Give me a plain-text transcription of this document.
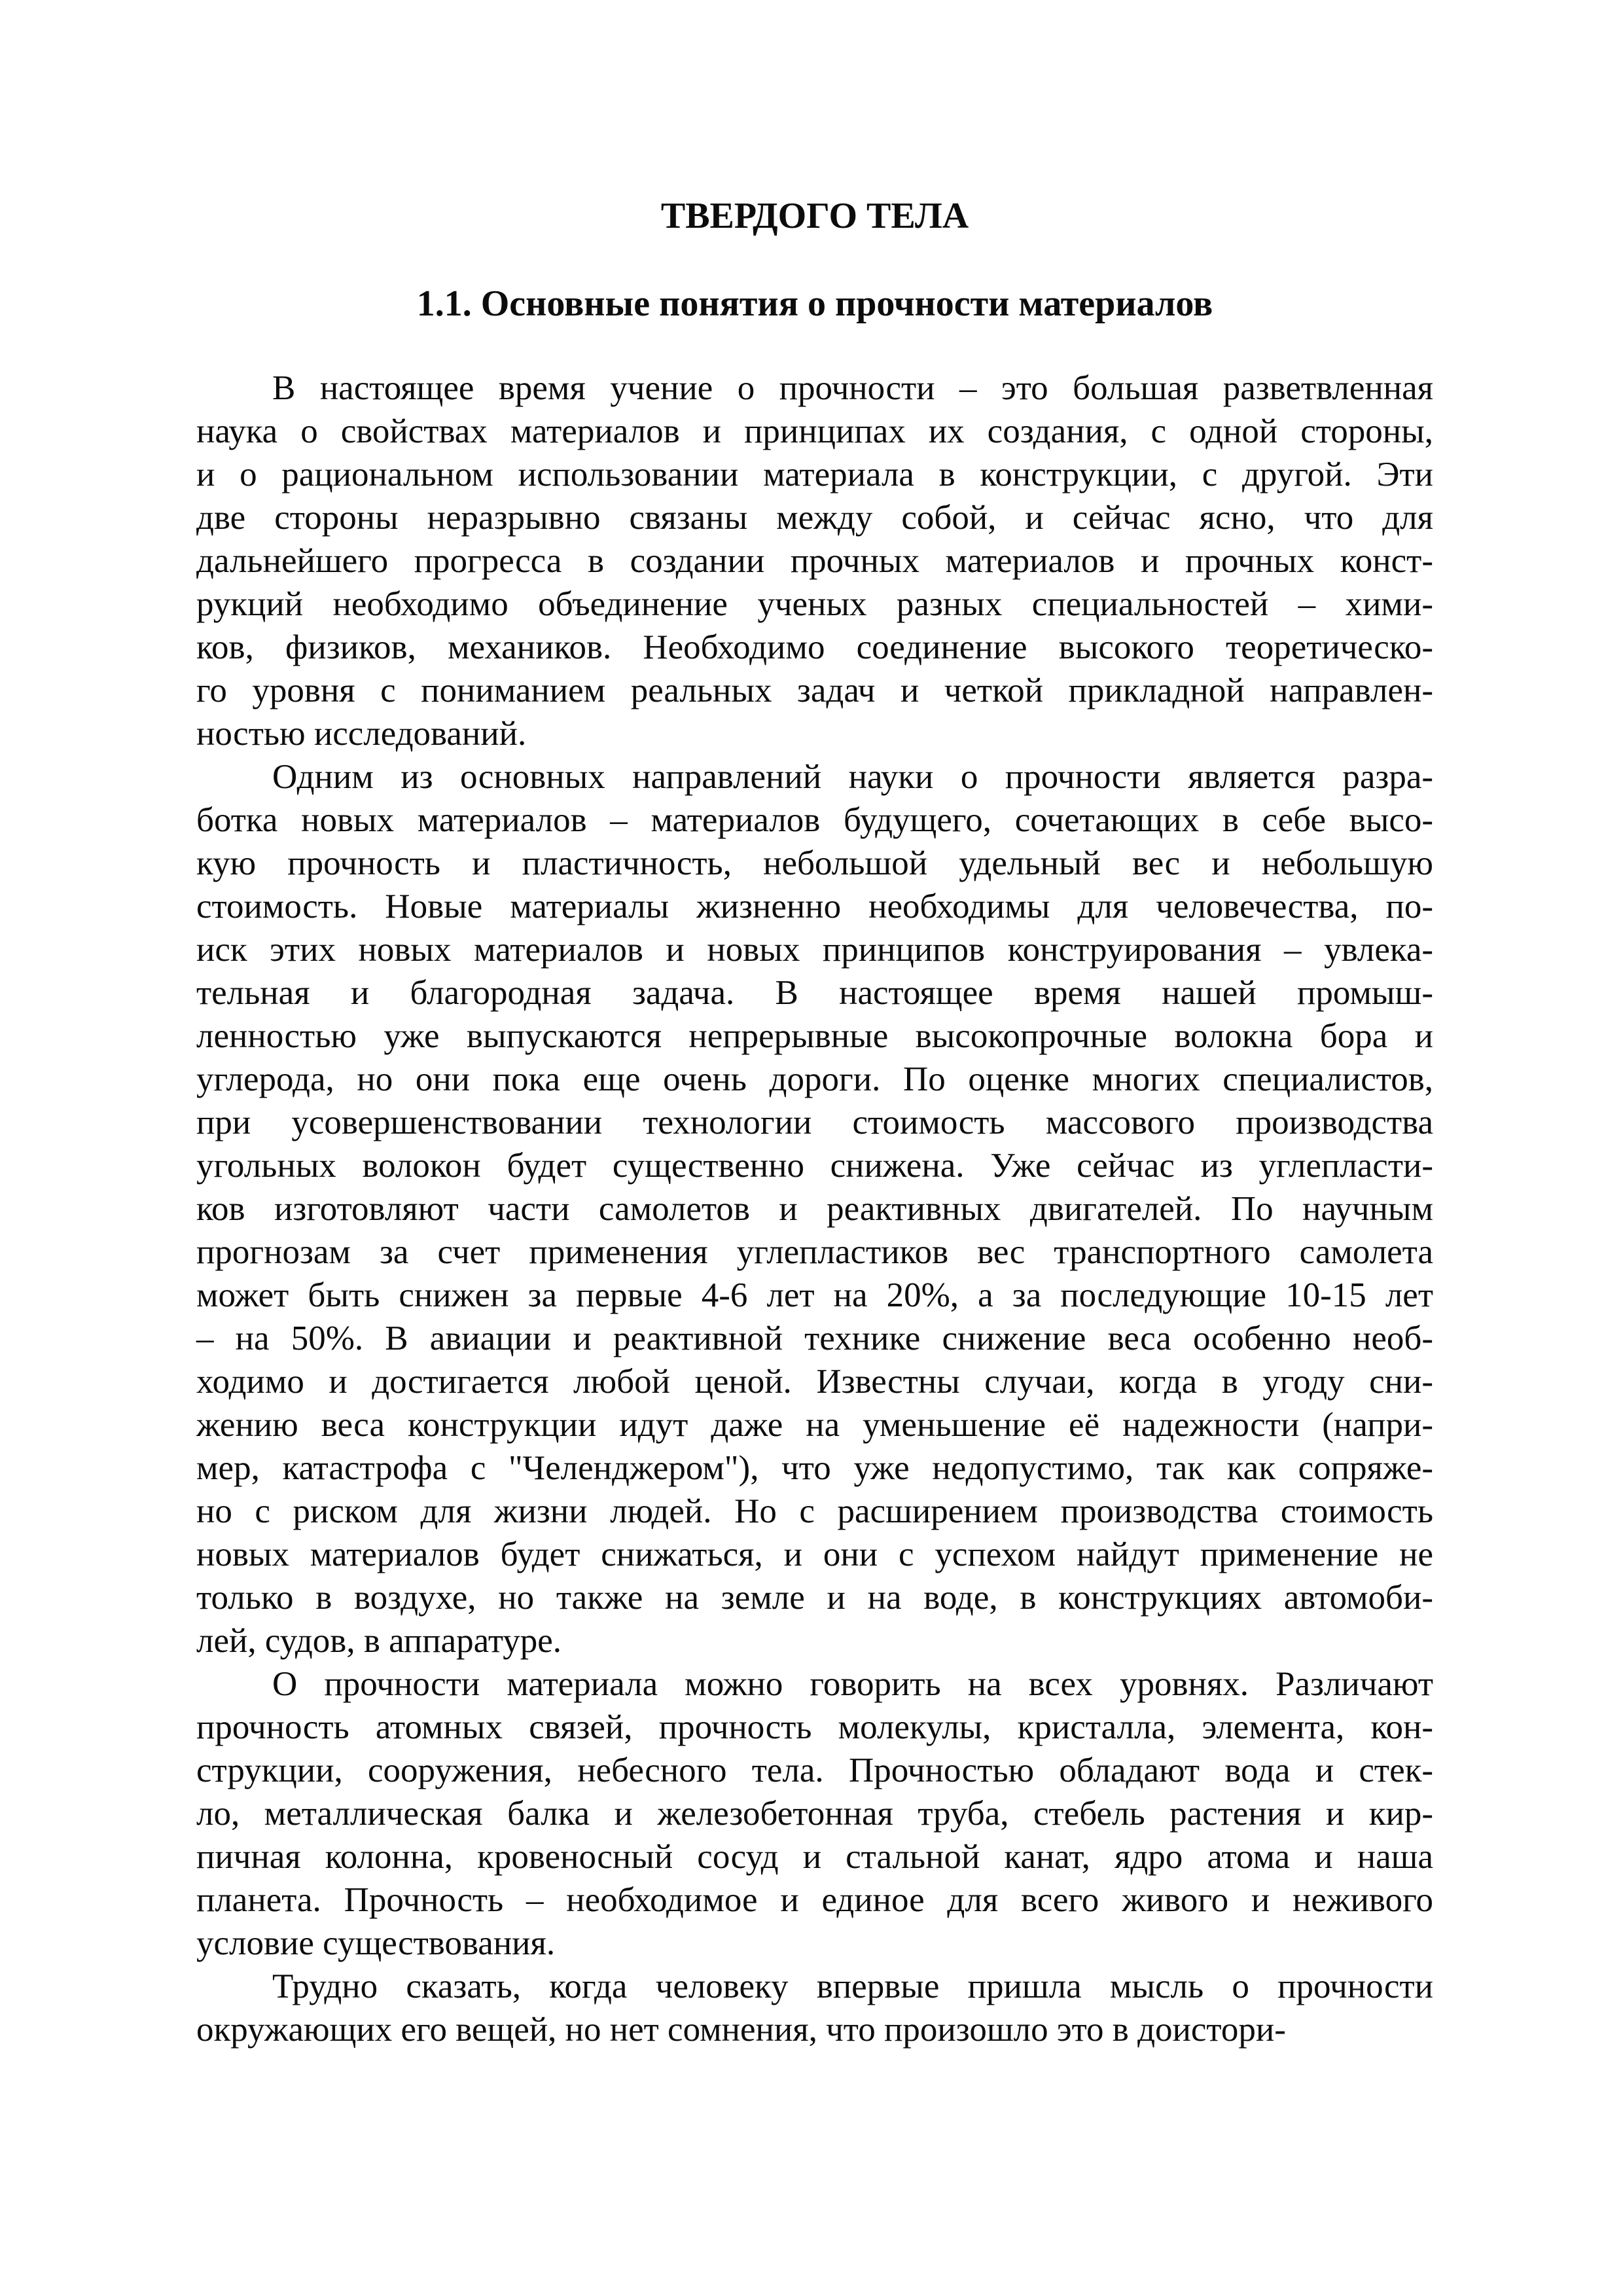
ТВЕРДОГО ТЕЛА
1.1. Основные понятия о прочности материалов
В настоящее время учение о прочности – это большая разветвленная
наука о свойствах материалов и принципах их создания, с одной стороны,
и о рациональном использовании материала в конструкции, с другой. Эти
две стороны неразрывно связаны между собой, и сейчас ясно, что для
дальнейшего прогресса в создании прочных материалов и прочных конст-
рукций необходимо объединение ученых разных специальностей – хими-
ков, физиков, механиков. Необходимо соединение высокого теоретическо-
го уровня с пониманием реальных задач и четкой прикладной направлен-
ностью исследований.
Одним из основных направлений науки о прочности является разра-
ботка новых материалов – материалов будущего, сочетающих в себе высо-
кую прочность и пластичность, небольшой удельный вес и небольшую
стоимость. Новые материалы жизненно необходимы для человечества, по-
иск этих новых материалов и новых принципов конструирования – увлека-
тельная и благородная задача. В настоящее время нашей промыш-
ленностью уже выпускаются непрерывные высокопрочные волокна бора и
углерода, но они пока еще очень дороги. По оценке многих специалистов,
при усовершенствовании технологии стоимость массового производства
угольных волокон будет существенно снижена. Уже сейчас из углепласти-
ков изготовляют части самолетов и реактивных двигателей. По научным
прогнозам за счет применения углепластиков вес транспортного самолета
может быть снижен за первые 4-6 лет на 20%, а за последующие 10-15 лет
– на 50%. В авиации и реактивной технике снижение веса особенно необ-
ходимо и достигается любой ценой. Известны случаи, когда в угоду сни-
жению веса конструкции идут даже на уменьшение её надежности (напри-
мер, катастрофа с "Челенджером"), что уже недопустимо, так как сопряже-
но с риском для жизни людей. Но с расширением производства стоимость
новых материалов будет снижаться, и они с успехом найдут применение не
только в воздухе, но также на земле и на воде, в конструкциях автомоби-
лей, судов, в аппаратуре.
О прочности материала можно говорить на всех уровнях. Различают
прочность атомных связей, прочность молекулы, кристалла, элемента, кон-
струкции, сооружения, небесного тела. Прочностью обладают вода и стек-
ло, металлическая балка и железобетонная труба, стебель растения и кир-
пичная колонна, кровеносный сосуд и стальной канат, ядро атома и наша
планета. Прочность – необходимое и единое для всего живого и неживого
условие существования.
Трудно сказать, когда человеку впервые пришла мысль о прочности
окружающих его вещей, но нет сомнения, что произошло это в доистори-
